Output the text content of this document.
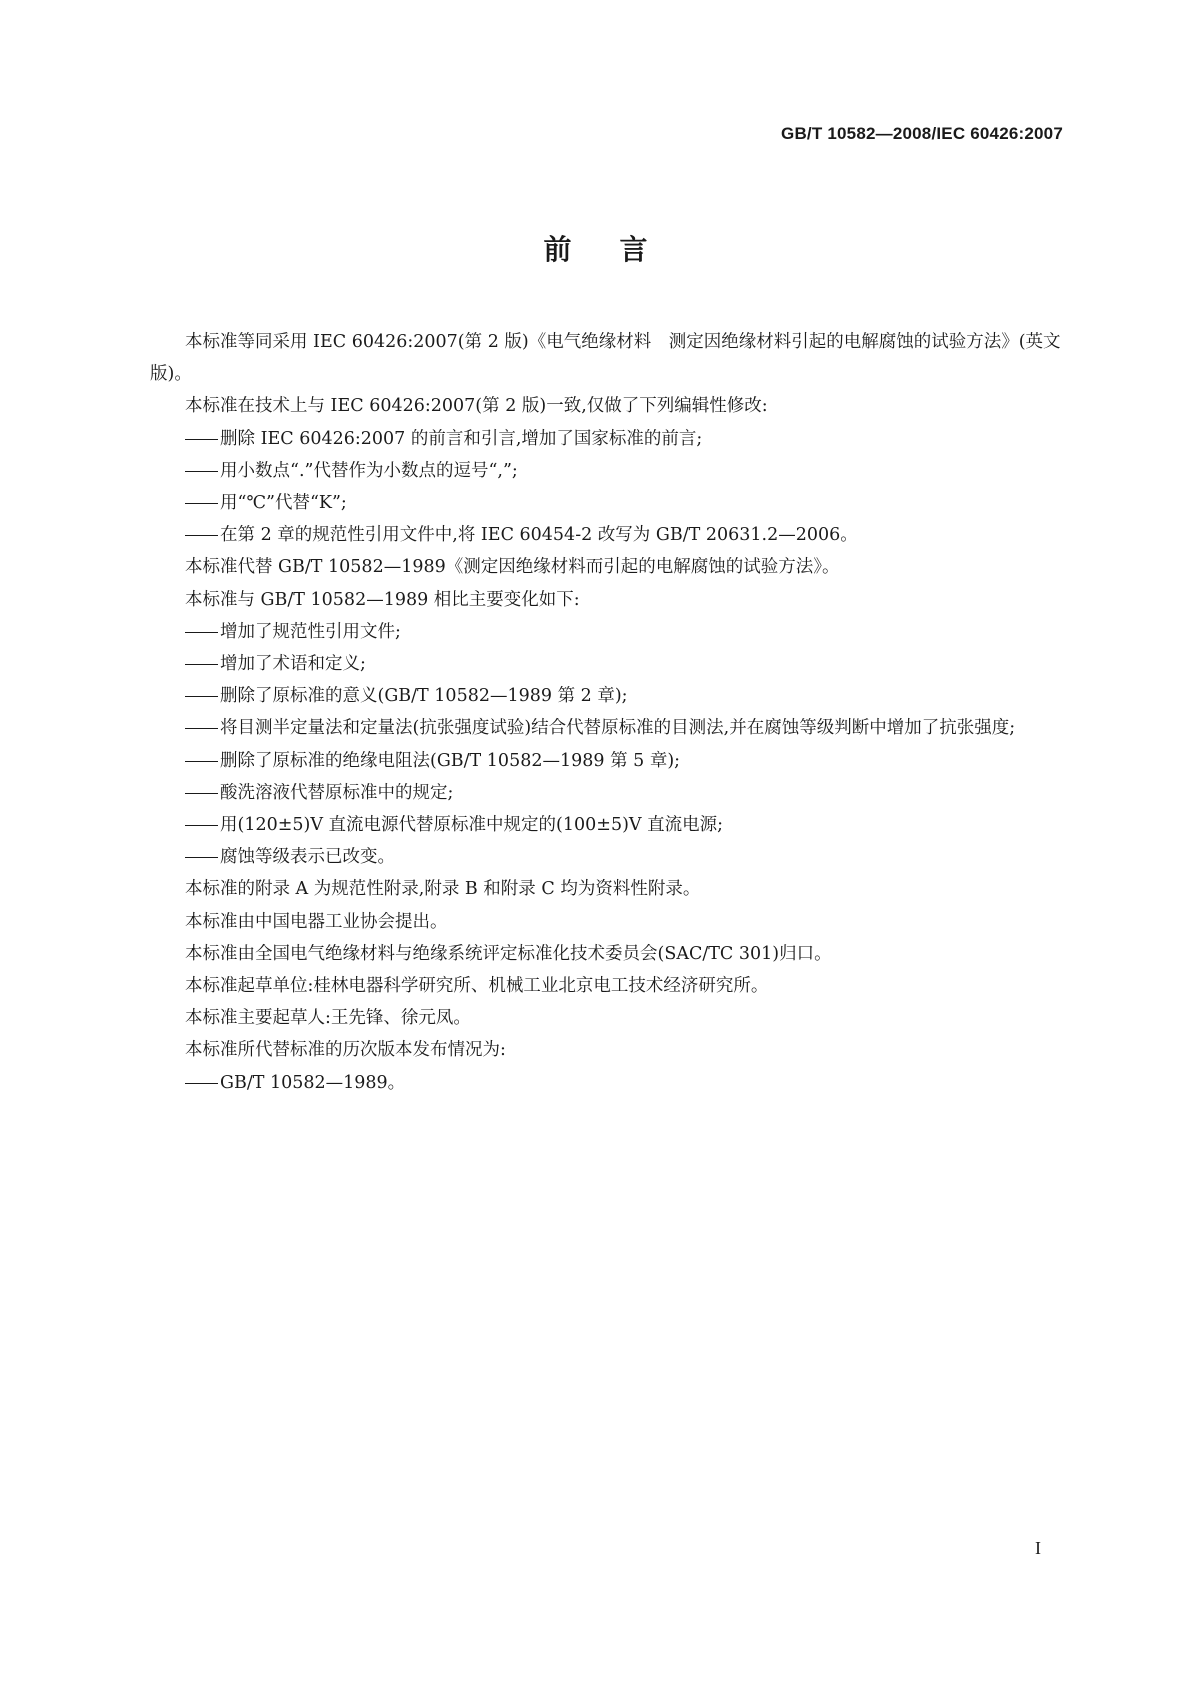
GB/T 10582—2008/IEC 60426:2007
前言

本标准等同采用 IEC 60426:2007(第 2 版)《电气绝缘材料　测定因绝缘材料引起的电解腐蚀的试验方法》(英文版)。

本标准在技术上与 IEC 60426:2007(第 2 版)一致,仅做了下列编辑性修改:

删除 IEC 60426:2007 的前言和引言,增加了国家标准的前言;

用小数点“.”代替作为小数点的逗号“,”;

用“℃”代替“K”;

在第 2 章的规范性引用文件中,将 IEC 60454-2 改写为 GB/T 20631.2—2006。

本标准代替 GB/T 10582—1989《测定因绝缘材料而引起的电解腐蚀的试验方法》。

本标准与 GB/T 10582—1989 相比主要变化如下:

增加了规范性引用文件;

增加了术语和定义;

删除了原标准的意义(GB/T 10582—1989 第 2 章);

将目测半定量法和定量法(抗张强度试验)结合代替原标准的目测法,并在腐蚀等级判断中增加了抗张强度;

删除了原标准的绝缘电阻法(GB/T 10582—1989 第 5 章);

酸洗溶液代替原标准中的规定;

用(120±5)V 直流电源代替原标准中规定的(100±5)V 直流电源;

腐蚀等级表示已改变。

本标准的附录 A 为规范性附录,附录 B 和附录 C 均为资料性附录。

本标准由中国电器工业协会提出。

本标准由全国电气绝缘材料与绝缘系统评定标准化技术委员会(SAC/TC 301)归口。

本标准起草单位:桂林电器科学研究所、机械工业北京电工技术经济研究所。

本标准主要起草人:王先锋、徐元凤。

本标准所代替标准的历次版本发布情况为:

GB/T 10582—1989。

I
